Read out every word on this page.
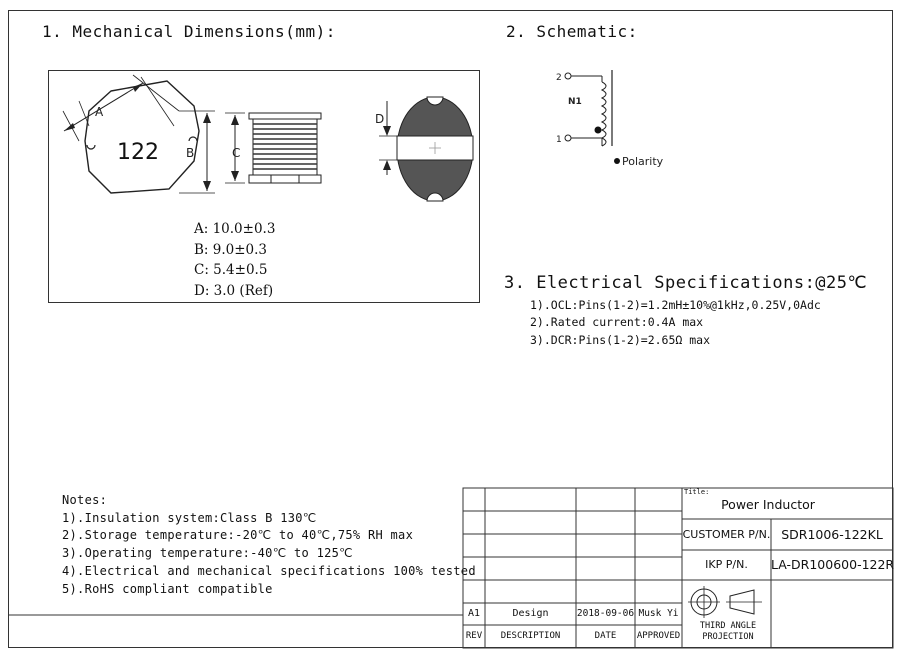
1. Mechanical Dimensions(mm):	2. Schematic:
3. Electrical Specifications:@25℃
A
122 B	C
D
A: 10.0±0.3
B: 9.0±0.3
C: 5.4±0.5
D: 3.0 (Ref)
2
1
N1
Polarity
1).OCL:Pins(1-2)=1.2mH±10%@1kHz,0.25V,0Adc
2).Rated current:0.4A max
3).DCR:Pins(1-2)=2.65Ω max
Notes:
1).Insulation system:Class B 130℃
2).Storage temperature:-20℃ to 40℃,75% RH max
3).Operating temperature:-40℃ to 125℃
4).Electrical and mechanical specifications 100% tested
5).RoHS compliant compatible
Title:
Power Inductor
CUSTOMER P/N. SDR1006-122KL
IKP P/N.	LA-DR100600-122R
A1	Design	2018-09-06 Musk Yi
REV	DESCRIPTION	DATE	APPROVED
THIRD ANGLE PROJECTION
